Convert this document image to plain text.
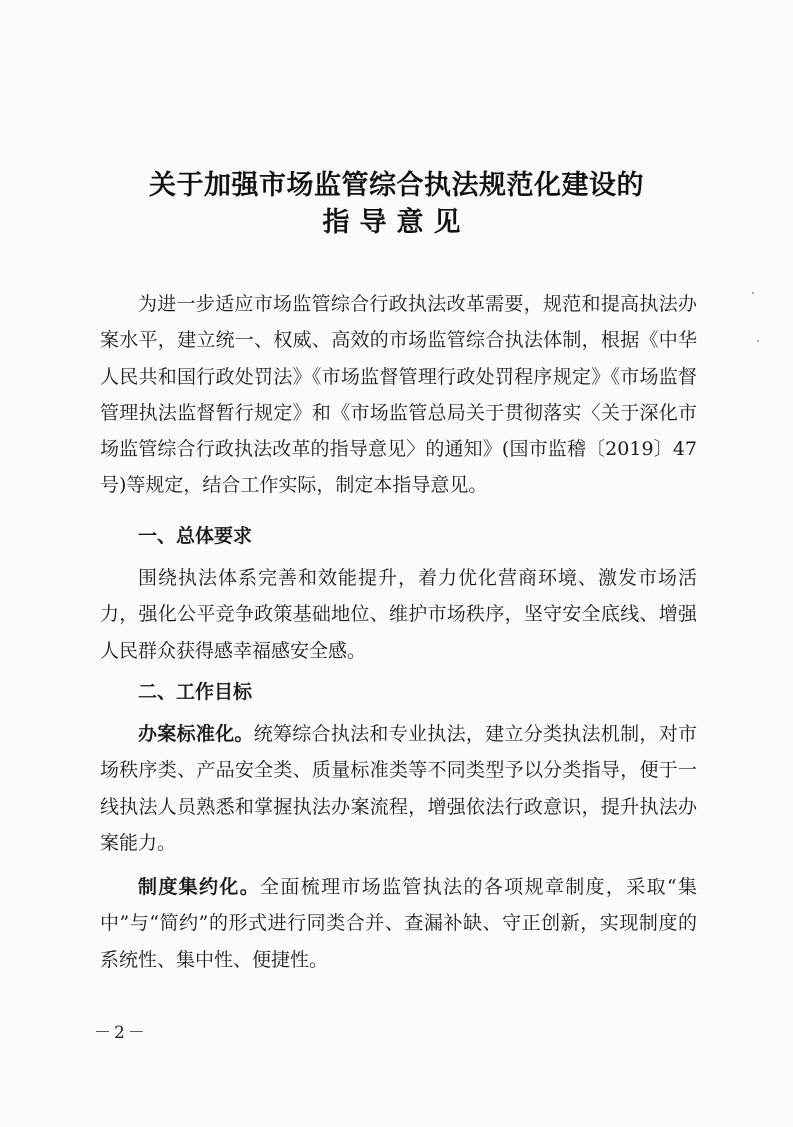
关于加强市场监管综合执法规范化建设的
指导意见
为进一步适应市场监管综合行政执法改革需要，规范和提高执法办案水平，建立统一、权威、高效的市场监管综合执法体制，根据《中华人民共和国行政处罚法》《市场监督管理行政处罚程序规定》《市场监督管理执法监督暂行规定》和《市场监管总局关于贯彻落实〈关于深化市场监管综合行政执法改革的指导意见〉的通知》(国市监稽〔2019〕47号)等规定，结合工作实际，制定本指导意见。
一、总体要求
围绕执法体系完善和效能提升，着力优化营商环境、激发市场活力，强化公平竞争政策基础地位、维护市场秩序，坚守安全底线、增强人民群众获得感幸福感安全感。
二、工作目标
办案标准化。统筹综合执法和专业执法，建立分类执法机制，对市场秩序类、产品安全类、质量标准类等不同类型予以分类指导，便于一线执法人员熟悉和掌握执法办案流程，增强依法行政意识，提升执法办案能力。
制度集约化。全面梳理市场监管执法的各项规章制度，采取“集中”与“简约”的形式进行同类合并、查漏补缺、守正创新，实现制度的系统性、集中性、便捷性。
－2－
